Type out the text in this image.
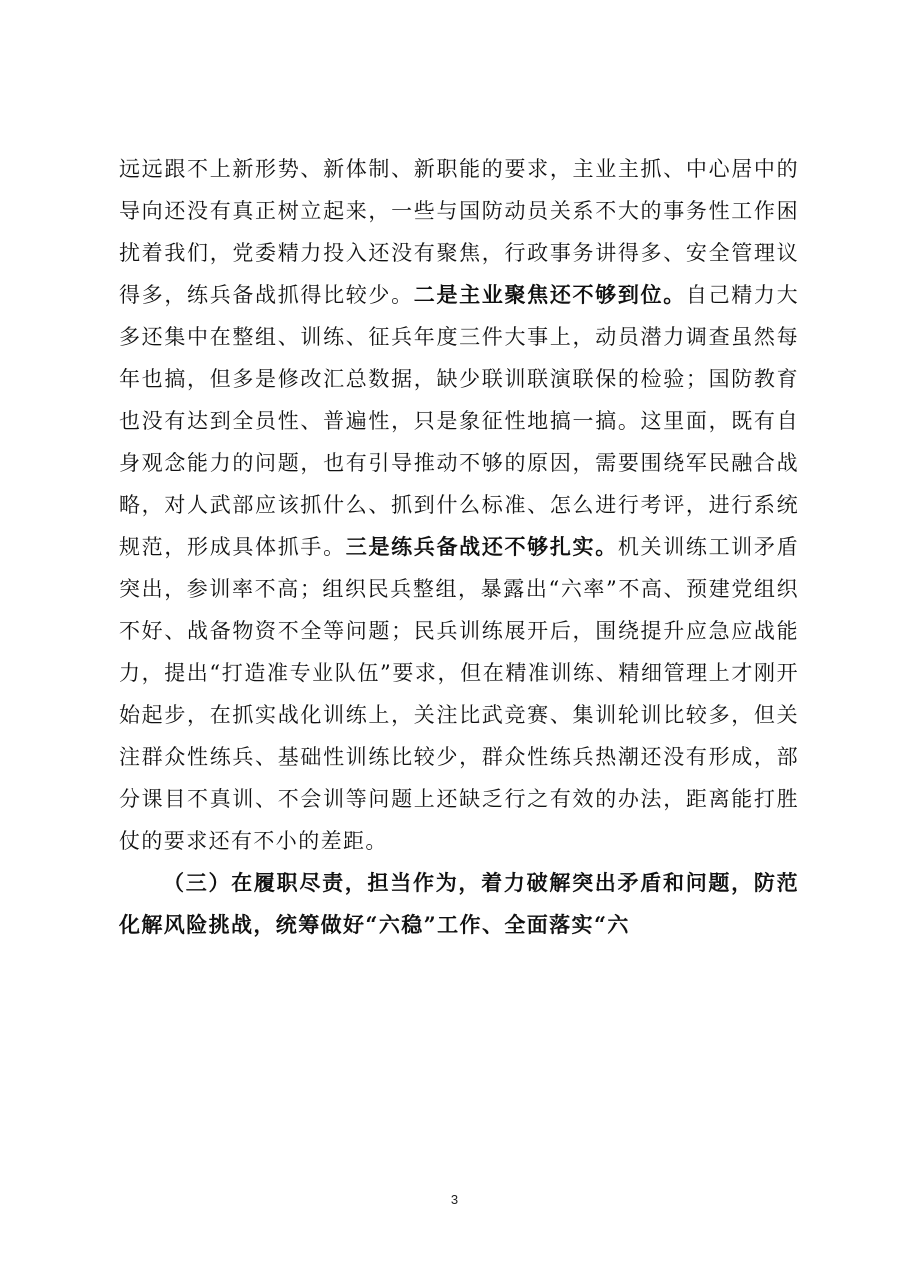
远远跟不上新形势、新体制、新职能的要求，主业主抓、中心居中的导向还没有真正树立起来，一些与国防动员关系不大的事务性工作困扰着我们，党委精力投入还没有聚焦，行政事务讲得多、安全管理议得多，练兵备战抓得比较少。二是主业聚焦还不够到位。自己精力大多还集中在整组、训练、征兵年度三件大事上，动员潜力调查虽然每年也搞，但多是修改汇总数据，缺少联训联演联保的检验；国防教育也没有达到全员性、普遍性，只是象征性地搞一搞。这里面，既有自身观念能力的问题，也有引导推动不够的原因，需要围绕军民融合战略，对人武部应该抓什么、抓到什么标准、怎么进行考评，进行系统规范，形成具体抓手。三是练兵备战还不够扎实。机关训练工训矛盾突出，参训率不高；组织民兵整组，暴露出“六率”不高、预建党组织不好、战备物资不全等问题；民兵训练展开后，围绕提升应急应战能力，提出“打造准专业队伍”要求，但在精准训练、精细管理上才刚开始起步，在抓实战化训练上，关注比武竞赛、集训轮训比较多，但关注群众性练兵、基础性训练比较少，群众性练兵热潮还没有形成，部分课目不真训、不会训等问题上还缺乏行之有效的办法，距离能打胜仗的要求还有不小的差距。

（三）在履职尽责，担当作为，着力破解突出矛盾和问题，防范化解风险挑战，统筹做好“六稳”工作、全面落实“六

3
